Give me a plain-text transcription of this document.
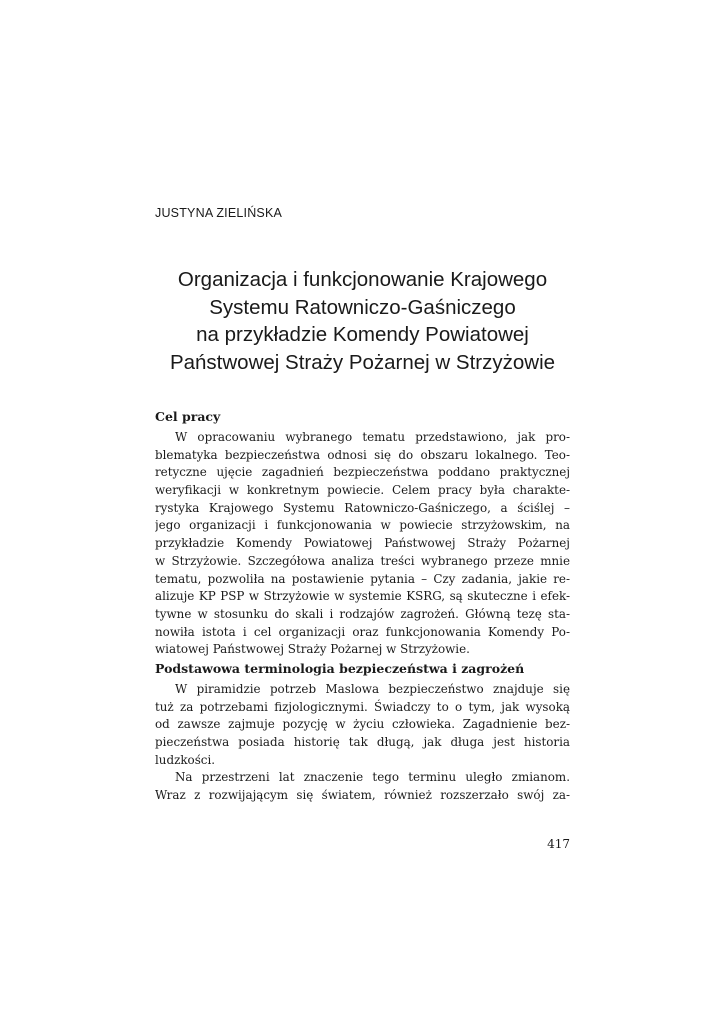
JUSTYNA ZIELIŃSKA

Organizacja i funkcjonowanie Krajowego
Systemu Ratowniczo-Gaśniczego
na przykładzie Komendy Powiatowej
Państwowej Straży Pożarnej w Strzyżowie
Cel pracy
W opracowaniu wybranego tematu przedstawiono, jak pro-
blematyka bezpieczeństwa odnosi się do obszaru lokalnego. Teo-
retyczne ujęcie zagadnień bezpieczeństwa poddano praktycznej
weryfikacji w konkretnym powiecie. Celem pracy była charakte-
rystyka Krajowego Systemu Ratowniczo-Gaśniczego, a ściślej –
jego organizacji i funkcjonowania w powiecie strzyżowskim, na
przykładzie Komendy Powiatowej Państwowej Straży Pożarnej
w Strzyżowie. Szczegółowa analiza treści wybranego przeze mnie
tematu, pozwoliła na postawienie pytania – Czy zadania, jakie re-
alizuje KP PSP w Strzyżowie w systemie KSRG, są skuteczne i efek-
tywne w stosunku do skali i rodzajów zagrożeń. Główną tezę sta-
nowiła istota i cel organizacji oraz funkcjonowania Komendy Po-
wiatowej Państwowej Straży Pożarnej w Strzyżowie.
Podstawowa terminologia bezpieczeństwa i zagrożeń
W piramidzie potrzeb Maslowa bezpieczeństwo znajduje się
tuż za potrzebami fizjologicznymi. Świadczy to o tym, jak wysoką
od zawsze zajmuje pozycję w życiu człowieka. Zagadnienie bez-
pieczeństwa posiada historię tak długą, jak długa jest historia
ludzkości.
Na przestrzeni lat znaczenie tego terminu uległo zmianom.
Wraz z rozwijającym się światem, również rozszerzało swój za-

417
